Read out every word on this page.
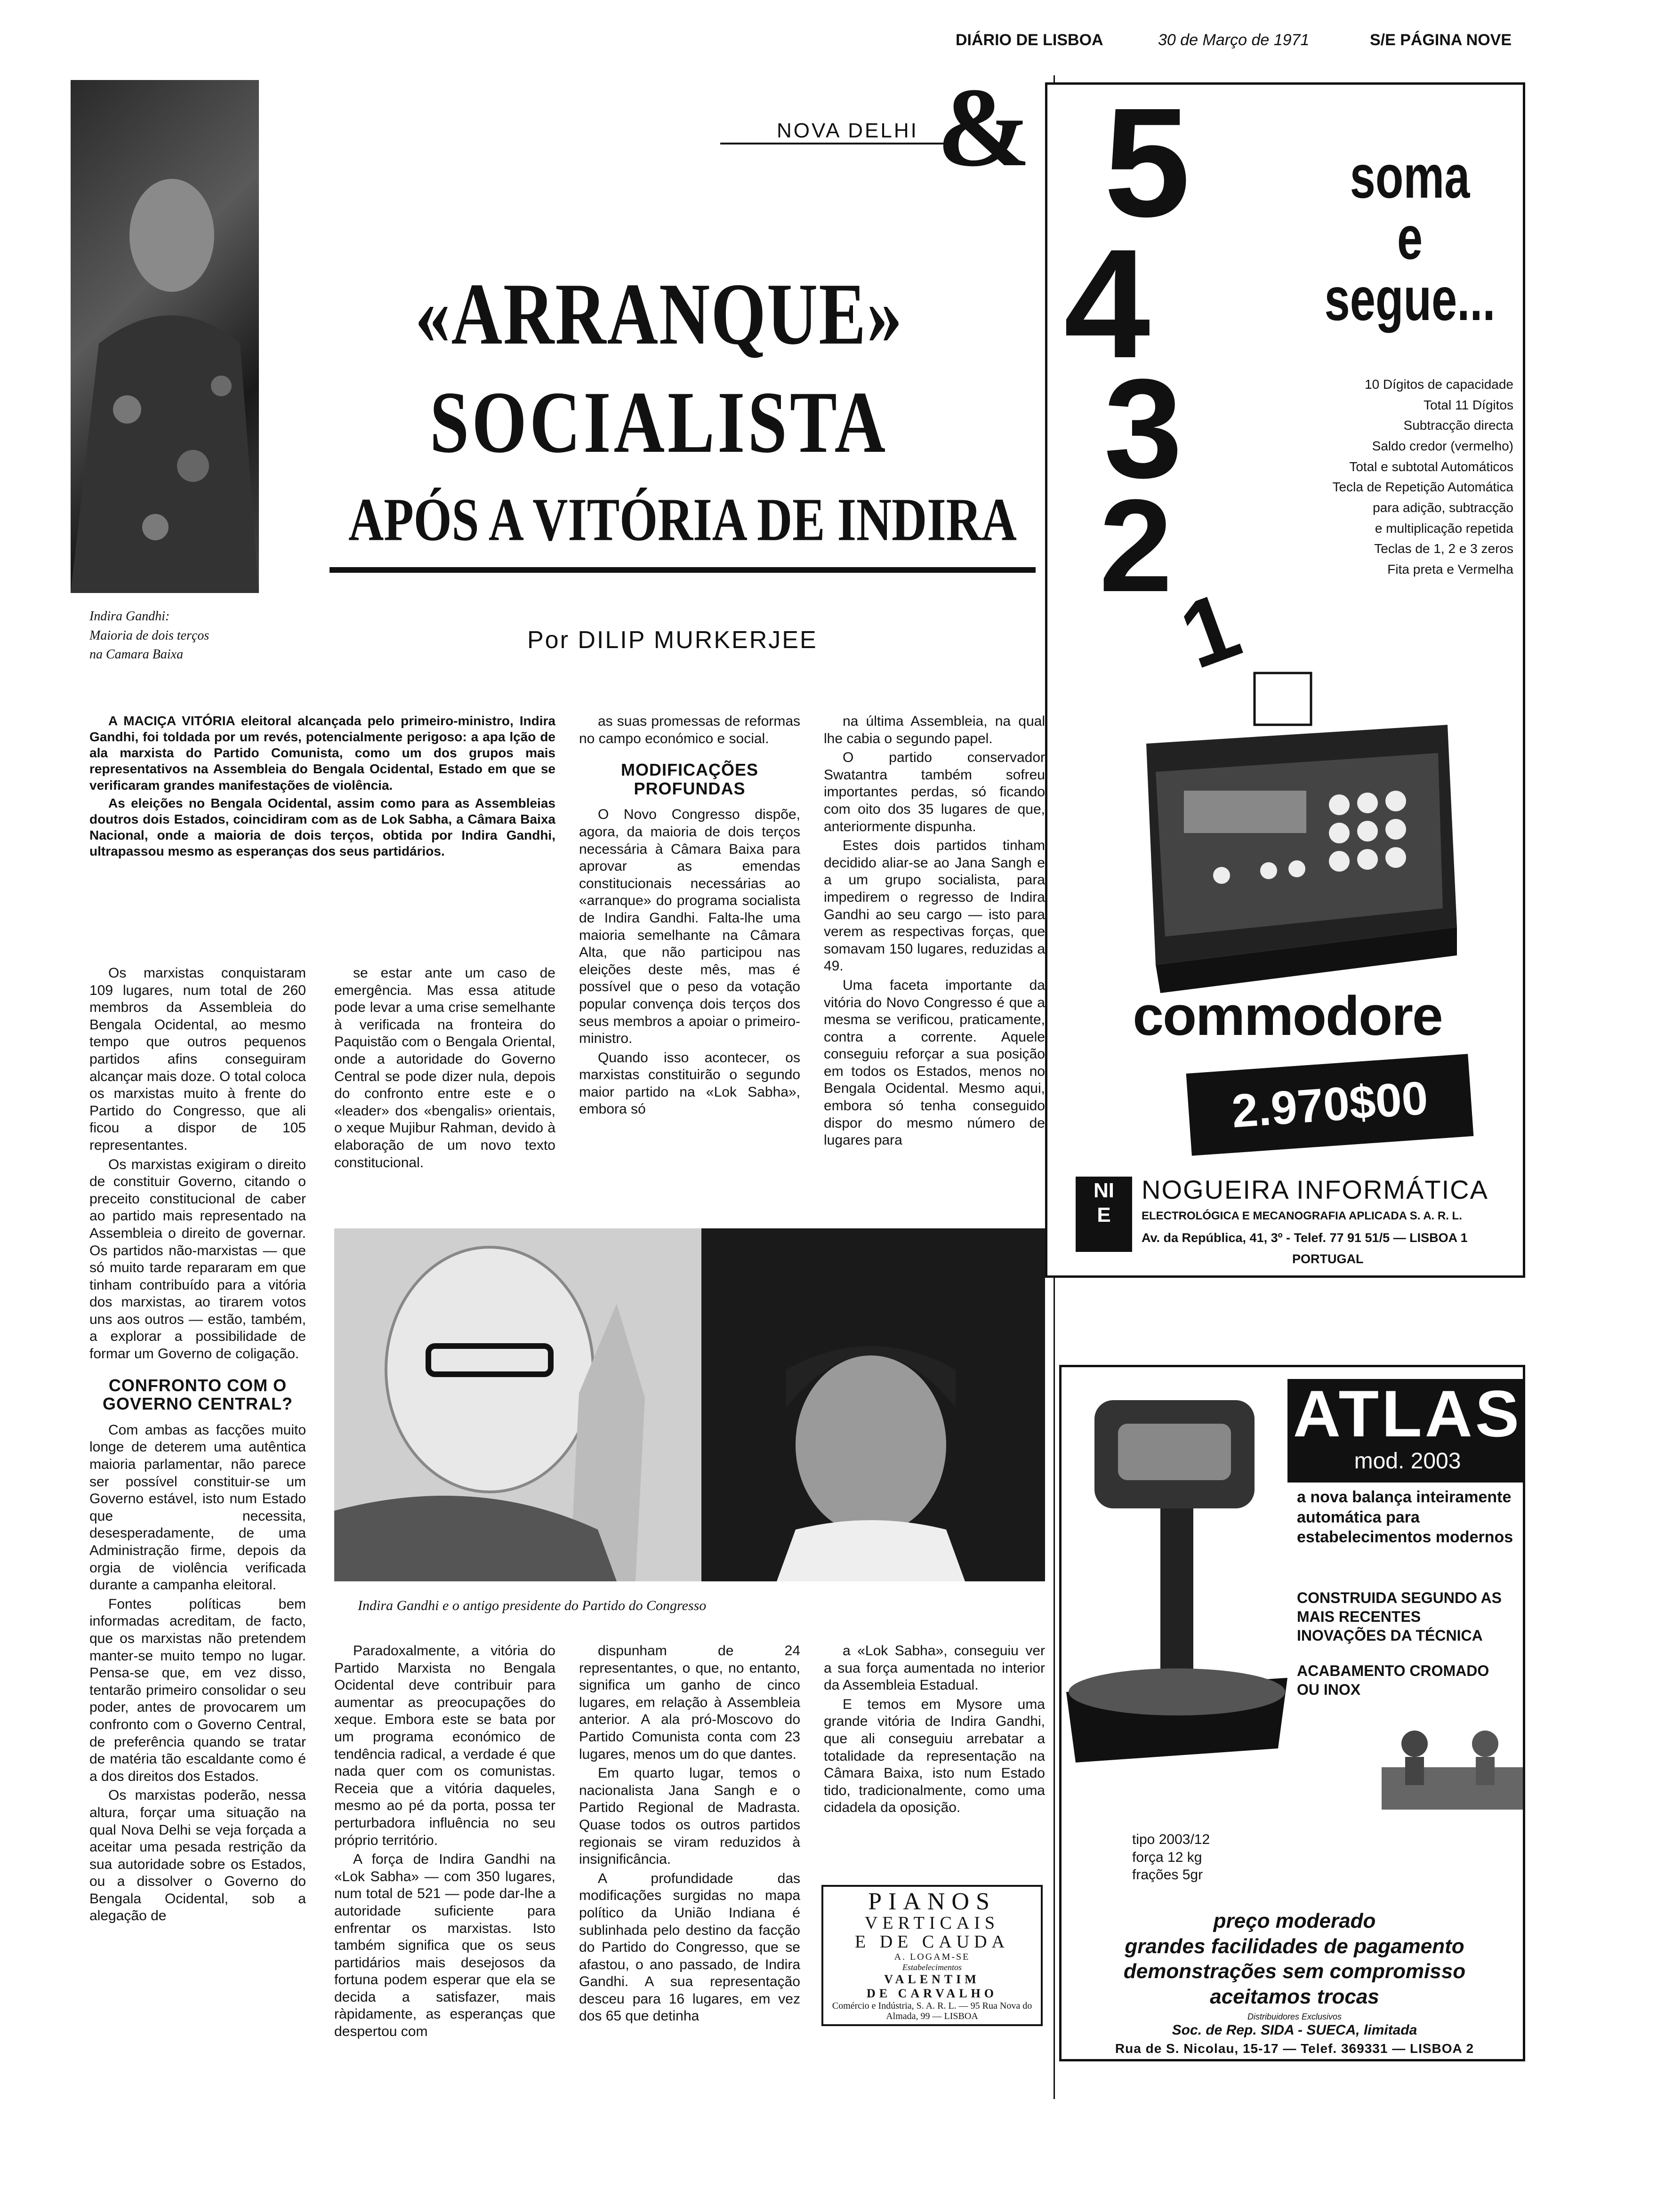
DIÁRIO DE LISBOA	30 de Março de 1971	S/E PÁGINA NOVE
Indira Gandhi:
Maioria de dois terços
na Camara Baixa
NOVA DELHI &
«ARRANQUE»
SOCIALISTA
APÓS A VITÓRIA DE INDIRA
Por DILIP MURKERJEE

A MACIÇA VITÓRIA eleitoral alcançada pelo primeiro-ministro, Indira Gandhi, foi toldada por um revés, potencialmente perigoso: a apa lção de ala marxista do Partido Comunista, como um dos grupos mais representativos na Assembleia do Bengala Ocidental, Estado em que se verificaram grandes manifestações de violência.

As eleições no Bengala Ocidental, assim como para as Assembleias doutros dois Estados, coincidiram com as de Lok Sabha, a Câmara Baixa Nacional, onde a maioria de dois terços, obtida por Indira Gandhi, ultrapassou mesmo as esperanças dos seus partidários.

Os marxistas conquistaram 109 lugares, num total de 260 membros da Assembleia do Bengala Ocidental, ao mesmo tempo que outros pequenos partidos afins conseguiram alcançar mais doze. O total coloca os marxistas muito à frente do Partido do Congresso, que ali ficou a dispor de 105 representantes.

Os marxistas exigiram o direito de constituir Governo, citando o preceito constitucional de caber ao partido mais representado na Assembleia o direito de governar. Os partidos não-marxistas — que só muito tarde repararam em que tinham contribuído para a vitória dos marxistas, ao tirarem votos uns aos outros — estão, também, a explorar a possibilidade de formar um Governo de coligação.

CONFRONTO COM O GOVERNO CENTRAL?

Com ambas as facções muito longe de deterem uma autêntica maioria parlamentar, não parece ser possível constituir-se um Governo estável, isto num Estado que necessita, desesperadamente, de uma Administração firme, depois da orgia de violência verificada durante a campanha eleitoral.

Fontes políticas bem informadas acreditam, de facto, que os marxistas não pretendem manter-se muito tempo no lugar. Pensa-se que, em vez disso, tentarão primeiro consolidar o seu poder, antes de provocarem um confronto com o Governo Central, de preferência quando se tratar de matéria tão escaldante como é a dos direitos dos Estados.

Os marxistas poderão, nessa altura, forçar uma situação na qual Nova Delhi se veja forçada a aceitar uma pesada restrição da sua autoridade sobre os Estados, ou a dissolver o Governo do Bengala Ocidental, sob a alegação de

se estar ante um caso de emergência. Mas essa atitude pode levar a uma crise semelhante à verificada na fronteira do Paquistão com o Bengala Oriental, onde a autoridade do Governo Central se pode dizer nula, depois do confronto entre este e o «leader» dos «bengalis» orientais, o xeque Mujibur Rahman, devido à elaboração de um novo texto constitucional.

as suas promessas de reformas no campo económico e social.

MODIFICAÇÕES PROFUNDAS

O Novo Congresso dispõe, agora, da maioria de dois terços necessária à Câmara Baixa para aprovar as emendas constitucionais necessárias ao «arranque» do programa socialista de Indira Gandhi. Falta-lhe uma maioria semelhante na Câmara Alta, que não participou nas eleições deste mês, mas é possível que o peso da votação popular convença dois terços dos seus membros a apoiar o primeiro-ministro.

Quando isso acontecer, os marxistas constituirão o segundo maior partido na «Lok Sabha», embora só

na última Assembleia, na qual lhe cabia o segundo papel.

O partido conservador Swatantra também sofreu importantes perdas, só ficando com oito dos 35 lugares de que, anteriormente dispunha.

Estes dois partidos tinham decidido aliar-se ao Jana Sangh e a um grupo socialista, para impedirem o regresso de Indira Gandhi ao seu cargo — isto para verem as respectivas forças, que somavam 150 lugares, reduzidas a 49.

Uma faceta importante da vitória do Novo Congresso é que a mesma se verificou, praticamente, contra a corrente. Aquele conseguiu reforçar a sua posição em todos os Estados, menos no Bengala Ocidental. Mesmo aqui, embora só tenha conseguido dispor do mesmo número de lugares para

Indira Gandhi e o antigo presidente do Partido do Congresso

Paradoxalmente, a vitória do Partido Marxista no Bengala Ocidental deve contribuir para aumentar as preocupações do xeque. Embora este se bata por um programa económico de tendência radical, a verdade é que nada quer com os comunistas. Receia que a vitória daqueles, mesmo ao pé da porta, possa ter perturbadora influência no seu próprio território.

A força de Indira Gandhi na «Lok Sabha» — com 350 lugares, num total de 521 — pode dar-lhe a autoridade suficiente para enfrentar os marxistas. Isto também significa que os seus partidários mais desejosos da fortuna podem esperar que ela se decida a satisfazer, mais ràpidamente, as esperanças que despertou com

dispunham de 24 representantes, o que, no entanto, significa um ganho de cinco lugares, em relação à Assembleia anterior. A ala pró-Moscovo do Partido Comunista conta com 23 lugares, menos um do que dantes.

Em quarto lugar, temos o nacionalista Jana Sangh e o Partido Regional de Madrasta. Quase todos os outros partidos regionais se viram reduzidos à insignificância.

A profundidade das modificações surgidas no mapa político da União Indiana é sublinhada pelo destino da facção do Partido do Congresso, que se afastou, o ano passado, de Indira Gandhi. A sua representação desceu para 16 lugares, em vez dos 65 que detinha

a «Lok Sabha», conseguiu ver a sua força aumentada no interior da Assembleia Estadual.

E temos em Mysore uma grande vitória de Indira Gandhi, que ali conseguiu arrebatar a totalidade da representação na Câmara Baixa, isto num Estado tido, tradicionalmente, como uma cidadela da oposição.

PIANOS
VERTICAIS
E DE CAUDA
A. LOGAM-SE
Estabelecimentos
VALENTIM
DE CARVALHO
Comércio e Indústria, S. A. R. L. — 95 Rua Nova do Almada, 99 — LISBOA
5
4
3
2
1
soma
e
segue...
10 Dígitos de capacidade
Total 11 Dígitos
Subtracção directa
Saldo credor (vermelho)
Total e subtotal Automáticos
Tecla de Repetição Automática
para adição, subtracção
e multiplicação repetida
Teclas de 1, 2 e 3 zeros
Fita preta e Vermelha
commodore
2.970$00
NIE
NOGUEIRA INFORMÁTICA
ELECTROLÓGICA E MECANOGRAFIA APLICADA S. A. R. L.
Av. da República, 41, 3º - Telef. 77 91 51/5 — LISBOA 1
PORTUGAL
ATLAS
mod. 2003
a nova balança inteiramente automática para estabelecimentos modernos
CONSTRUIDA SEGUNDO AS MAIS RECENTES INOVAÇÕES DA TÉCNICA
ACABAMENTO CROMADO OU INOX
tipo 2003/12
força 12 kg
frações 5gr
preço moderado
grandes facilidades de pagamento
demonstrações sem compromisso
aceitamos trocas
Distribuidores Exclusivos
Soc. de Rep. SIDA - SUECA, limitada
Rua de S. Nicolau, 15-17 — Telef. 369331 — LISBOA 2
